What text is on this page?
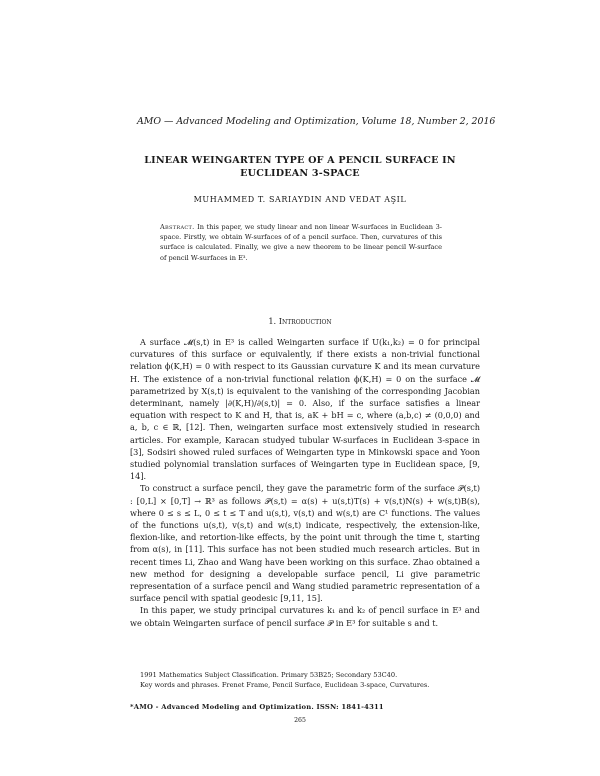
AMO — Advanced Modeling and Optimization, Volume 18, Number 2, 2016
LINEAR WEINGARTEN TYPE OF A PENCIL SURFACE IN
EUCLIDEAN 3-SPACE
MUHAMMED T. SARIAYDIN AND VEDAT AŞIL
Abstract. In this paper, we study linear and non linear W-surfaces in Euclidean 3-space. Firstly, we obtain W-surfaces of of a pencil surface. Then, curvatures of this surface is calculated. Finally, we give a new theorem to be linear pencil W-surface of pencil W-surfaces in E³.
1. Introduction

A surface 𝓜(s,t) in E³ is called Weingarten surface if U(k₁,k₂) = 0 for principal curvatures of this surface or equivalently, if there exists a non-trivial functional relation ϕ(K,H) = 0 with respect to its Gaussian curvature K and its mean curvature H. The existence of a non-trivial functional relation ϕ(K,H) = 0 on the surface 𝓜 parametrized by X(s,t) is equivalent to the vanishing of the corresponding Jacobian determinant, namely |∂(K,H)/∂(s,t)| = 0. Also, if the surface satisfies a linear equation with respect to K and H, that is, aK + bH = c, where (a,b,c) ≠ (0,0,0) and a, b, c ∈ ℝ, [12]. Then, weingarten surface most extensively studied in research articles. For example, Karacan studyed tubular W-surfaces in Euclidean 3-space in [3], Sodsiri showed ruled surfaces of Weingarten type in Minkowski space and Yoon studied polynomial translation surfaces of Weingarten type in Euclidean space, [9, 14].

To construct a surface pencil, they gave the parametric form of the surface 𝒫(s,t) : [0,L] × [0,T] → ℝ³ as follows 𝒫(s,t) = α(s) + u(s,t)T(s) + v(s,t)N(s) + w(s,t)B(s), where 0 ≤ s ≤ L, 0 ≤ t ≤ T and u(s,t), v(s,t) and w(s,t) are C¹ functions. The values of the functions u(s,t), v(s,t) and w(s,t) indicate, respectively, the extension-like, flexion-like, and retortion-like effects, by the point unit through the time t, starting from α(s), in [11]. This surface has not been studied much research articles. But in recent times Li, Zhao and Wang have been working on this surface. Zhao obtained a new method for designing a developable surface pencil, Li give parametric representation of a surface pencil and Wang studied parametric representation of a surface pencil with spatial geodesic [9,11, 15].

In this paper, we study principal curvatures k₁ and k₂ of pencil surface in E³ and we obtain Weingarten surface of pencil surface 𝒫 in E³ for suitable s and t.

1991 Mathematics Subject Classification. Primary 53B25; Secondary 53C40.

Key words and phrases. Frenet Frame, Pencil Surface, Euclidean 3-space, Curvatures.

*AMO - Advanced Modeling and Optimization. ISSN: 1841-4311
265
